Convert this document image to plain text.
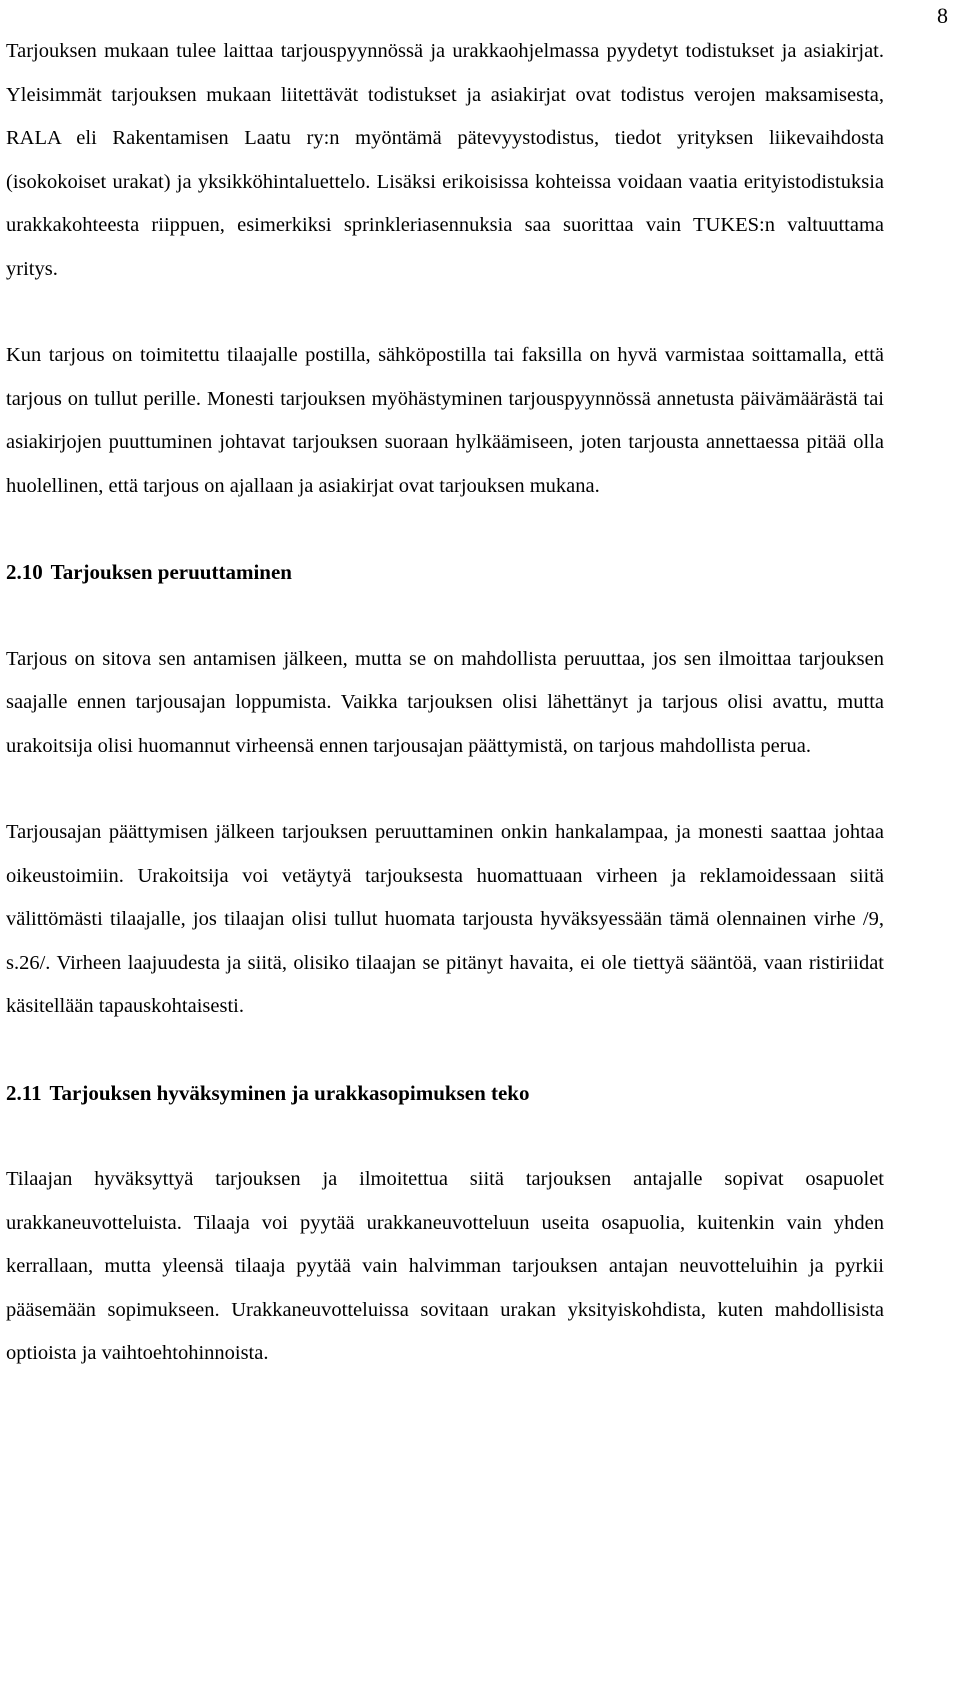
8

Tarjouksen mukaan tulee laittaa tarjouspyynnössä ja urakkaohjelmassa pyydetyt todistukset ja asiakirjat. Yleisimmät tarjouksen mukaan liitettävät todistukset ja asiakirjat ovat todistus verojen maksamisesta, RALA eli Rakentamisen Laatu ry:n myöntämä pätevyystodistus, tiedot yrityksen liikevaihdosta (isokokoiset urakat) ja yksikköhintaluettelo. Lisäksi erikoisissa kohteissa voidaan vaatia erityistodistuksia urakkakohteesta riippuen, esimerkiksi sprinkleriasennuksia saa suorittaa vain TUKES:n valtuuttama yritys.

Kun tarjous on toimitettu tilaajalle postilla, sähköpostilla tai faksilla on hyvä varmistaa soittamalla, että tarjous on tullut perille. Monesti tarjouksen myöhästyminen tarjouspyynnössä annetusta päivämäärästä tai asiakirjojen puuttuminen johtavat tarjouksen suoraan hylkäämiseen, joten tarjousta annettaessa pitää olla huolellinen, että tarjous on ajallaan ja asiakirjat ovat tarjouksen mukana.

2.10 Tarjouksen peruuttaminen

Tarjous on sitova sen antamisen jälkeen, mutta se on mahdollista peruuttaa, jos sen ilmoittaa tarjouksen saajalle ennen tarjousajan loppumista. Vaikka tarjouksen olisi lähettänyt ja tarjous olisi avattu, mutta urakoitsija olisi huomannut virheensä ennen tarjousajan päättymistä, on tarjous mahdollista perua.

Tarjousajan päättymisen jälkeen tarjouksen peruuttaminen onkin hankalampaa, ja monesti saattaa johtaa oikeustoimiin. Urakoitsija voi vetäytyä tarjouksesta huomattuaan virheen ja reklamoidessaan siitä välittömästi tilaajalle, jos tilaajan olisi tullut huomata tarjousta hyväksyessään tämä olennainen virhe /9, s.26/. Virheen laajuudesta ja siitä, olisiko tilaajan se pitänyt havaita, ei ole tiettyä sääntöä, vaan ristiriidat käsitellään tapauskohtaisesti.

2.11 Tarjouksen hyväksyminen ja urakkasopimuksen teko

Tilaajan hyväksyttyä tarjouksen ja ilmoitettua siitä tarjouksen antajalle sopivat osapuolet urakkaneuvotteluista. Tilaaja voi pyytää urakkaneuvotteluun useita osapuolia, kuitenkin vain yhden kerrallaan, mutta yleensä tilaaja pyytää vain halvimman tarjouksen antajan neuvotteluihin ja pyrkii pääsemään sopimukseen. Urakkaneuvotteluissa sovitaan urakan yksityiskohdista, kuten mahdollisista optioista ja vaihtoehtohinnoista.
